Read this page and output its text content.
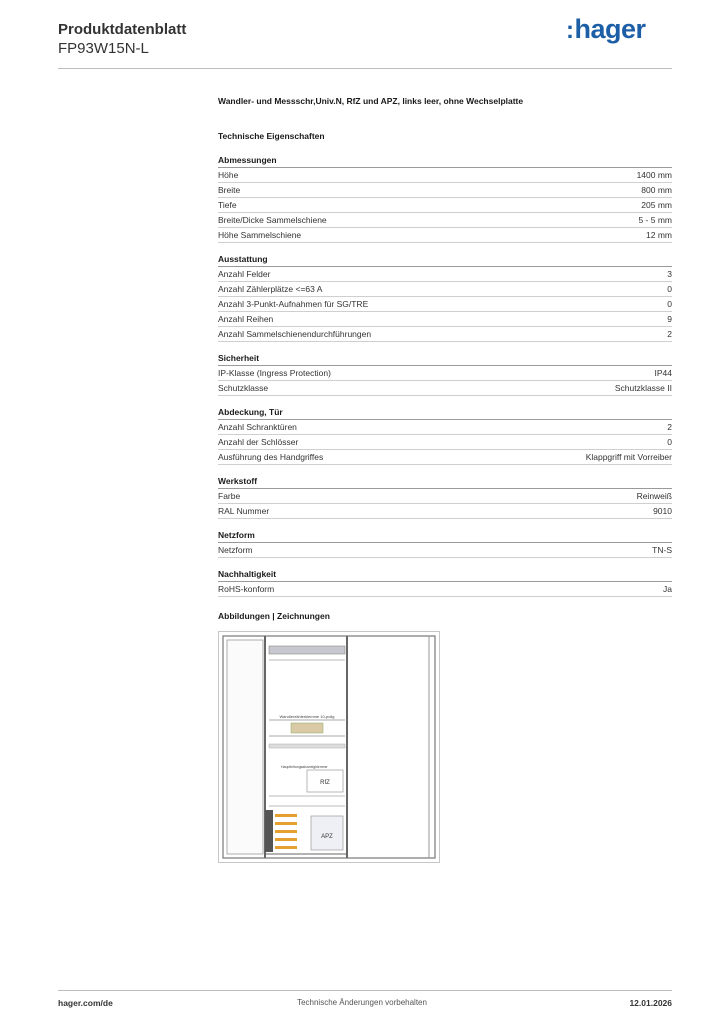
Produktdatenblatt
FP93W15N-L
:hager
Wandler- und Messschr,Univ.N, RfZ und APZ, links leer, ohne Wechselplatte
Technische Eigenschaften
Abmessungen
Höhe	1400 mm
Breite	800 mm
Tiefe	205 mm
Breite/Dicke Sammelschiene	5 - 5 mm
Höhe Sammelschiene	12 mm
Ausstattung
Anzahl Felder	3
Anzahl Zählerplätze <=63 A	0
Anzahl 3-Punkt-Aufnahmen für SG/TRE	0
Anzahl Reihen	9
Anzahl Sammelschienendurchführungen	2
Sicherheit
IP-Klasse (Ingress Protection)	IP44
Schutzklasse	Schutzklasse II
Abdeckung, Tür
Anzahl Schranktüren	2
Anzahl der Schlösser	0
Ausführung des Handgriffes	Klappgriff mit Vorreiber
Werkstoff
Farbe	Reinweiß
RAL Nummer	9010
Netzform
Netzform	TN-S
Nachhaltigkeit
RoHS-konform	Ja
Abbildungen | Zeichnungen
Wandlerzählerklemme 10-polig
Hauptleitungsabzweigklemme
RfZ
APZ
hager.com/de	Technische Änderungen vorbehalten	12.01.2026
